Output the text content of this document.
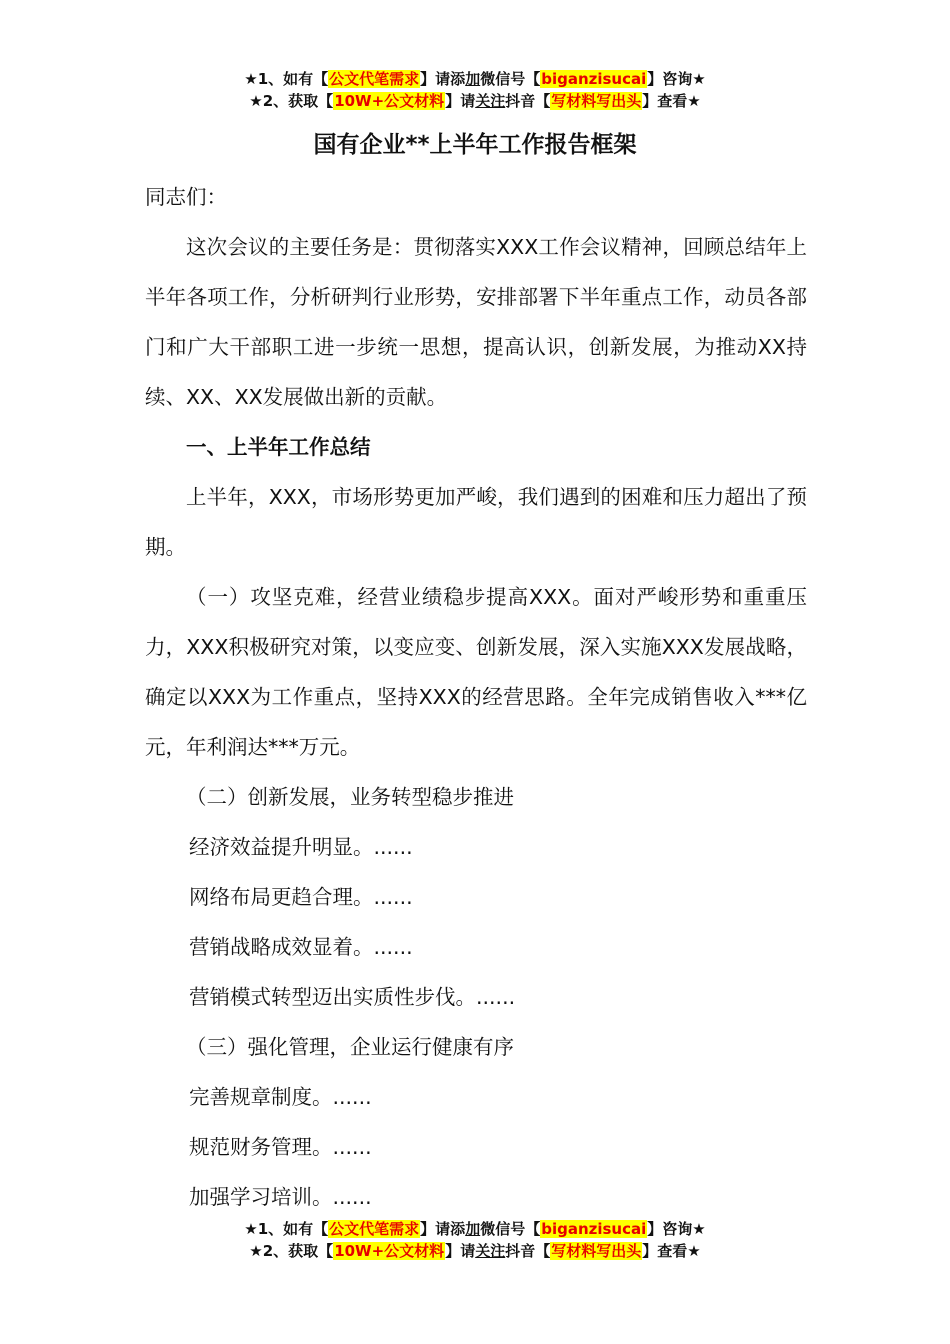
★1、如有【公文代笔需求】请添加微信号【biganzisucai】咨询★
★2、获取【10W+公文材料】请关注抖音【写材料写出头】查看★
国有企业**上半年工作报告框架

同志们：

这次会议的主要任务是：贯彻落实XXX工作会议精神，回顾总结年上半年各项工作，分析研判行业形势，安排部署下半年重点工作，动员各部门和广大干部职工进一步统一思想，提高认识，创新发展，为推动XX持续、XX、XX发展做出新的贡献。

一、上半年工作总结

上半年，XXX，市场形势更加严峻，我们遇到的困难和压力超出了预期。

（一）攻坚克难，经营业绩稳步提高XXX。面对严峻形势和重重压力，XXX积极研究对策，以变应变、创新发展，深入实施XXX发展战略，确定以XXX为工作重点，坚持XXX的经营思路。全年完成销售收入***亿元，年利润达***万元。

（二）创新发展，业务转型稳步推进

经济效益提升明显。......

网络布局更趋合理。......

营销战略成效显着。......

营销模式转型迈出实质性步伐。......

（三）强化管理，企业运行健康有序

完善规章制度。......

规范财务管理。......

加强学习培训。......

★1、如有【公文代笔需求】请添加微信号【biganzisucai】咨询★
★2、获取【10W+公文材料】请关注抖音【写材料写出头】查看★
